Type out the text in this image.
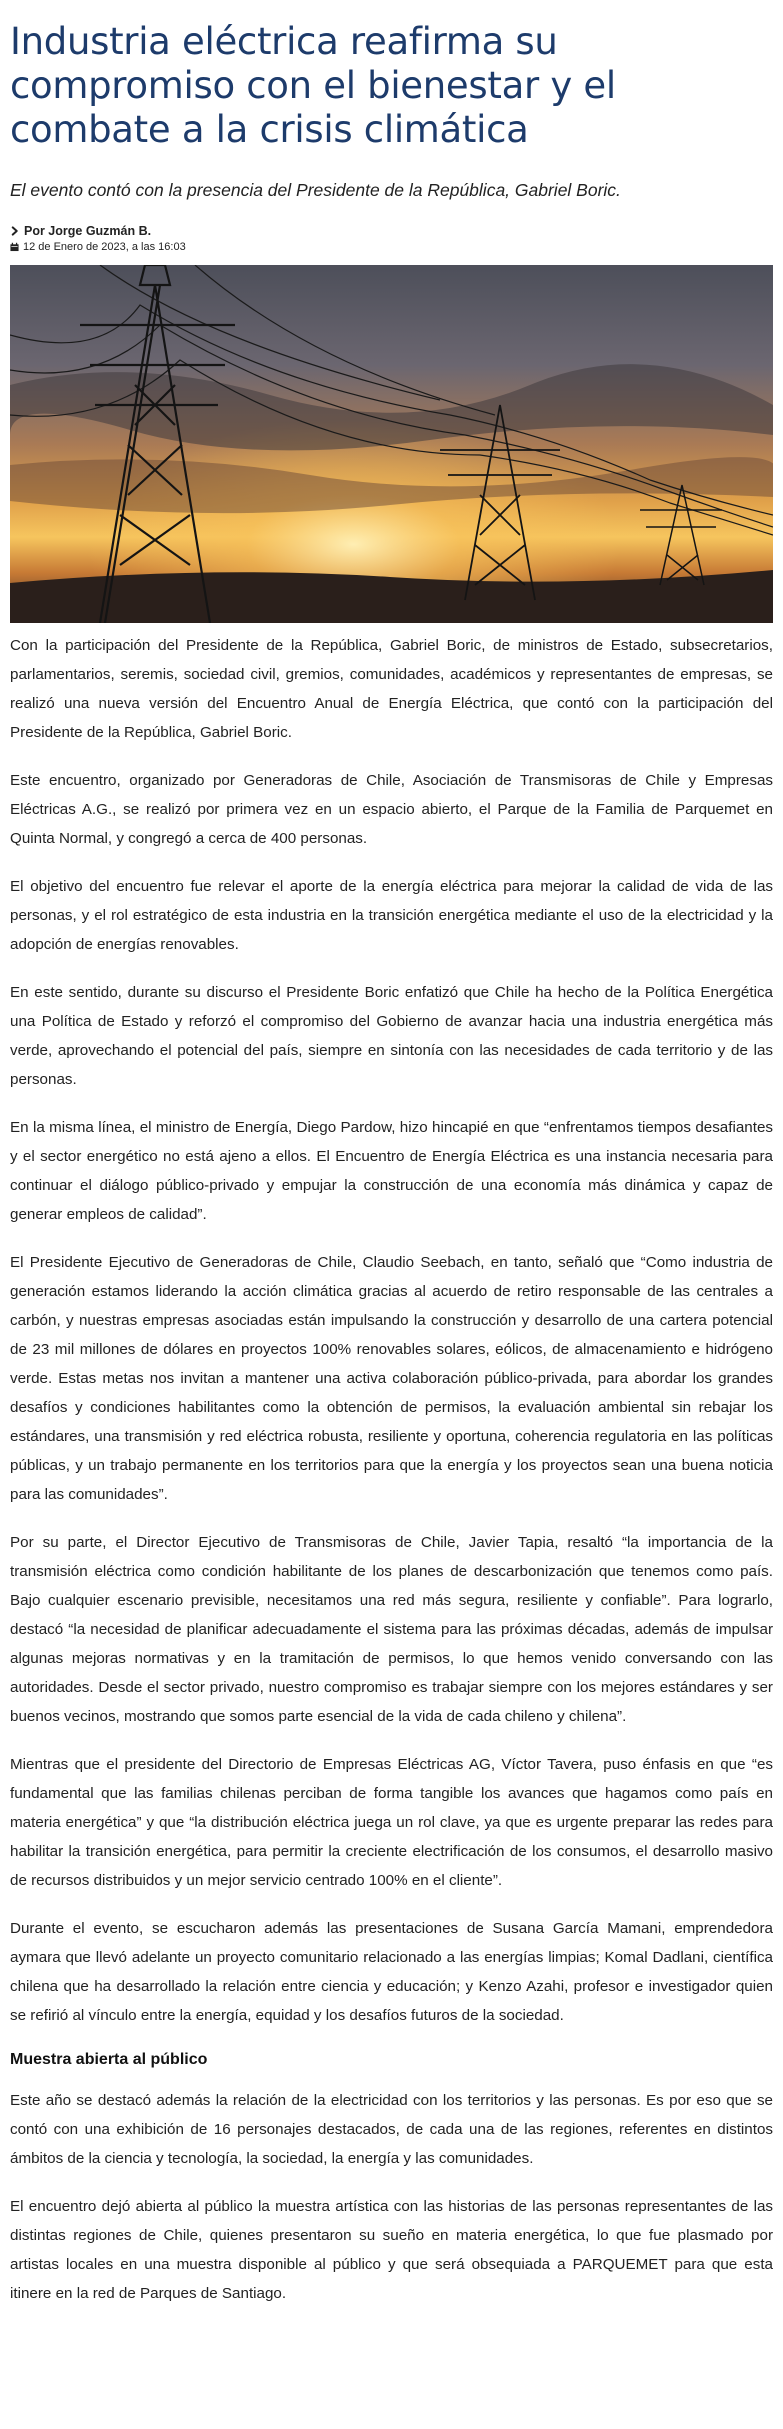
Industria eléctrica reafirma su compromiso con el bienestar y el combate a la crisis climática

El evento contó con la presencia del Presidente de la República, Gabriel Boric.

Por Jorge Guzmán B.
12 de Enero de 2023, a las 16:03

Con la participación del Presidente de la República, Gabriel Boric, de ministros de Estado, subsecretarios, parlamentarios, seremis, sociedad civil, gremios, comunidades, académicos y representantes de empresas, se realizó una nueva versión del Encuentro Anual de Energía Eléctrica, que contó con la participación del Presidente de la República, Gabriel Boric.

Este encuentro, organizado por Generadoras de Chile, Asociación de Transmisoras de Chile y Empresas Eléctricas A.G., se realizó por primera vez en un espacio abierto, el Parque de la Familia de Parquemet en Quinta Normal, y congregó a cerca de 400 personas.

El objetivo del encuentro fue relevar el aporte de la energía eléctrica para mejorar la calidad de vida de las personas, y el rol estratégico de esta industria en la transición energética mediante el uso de la electricidad y la adopción de energías renovables.

En este sentido, durante su discurso el Presidente Boric enfatizó que Chile ha hecho de la Política Energética una Política de Estado y reforzó el compromiso del Gobierno de avanzar hacia una industria energética más verde, aprovechando el potencial del país, siempre en sintonía con las necesidades de cada territorio y de las personas.

En la misma línea, el ministro de Energía, Diego Pardow, hizo hincapié en que “enfrentamos tiempos desafiantes y el sector energético no está ajeno a ellos. El Encuentro de Energía Eléctrica es una instancia necesaria para continuar el diálogo público-privado y empujar la construcción de una economía más dinámica y capaz de generar empleos de calidad”.

El Presidente Ejecutivo de Generadoras de Chile, Claudio Seebach, en tanto, señaló que “Como industria de generación estamos liderando la acción climática gracias al acuerdo de retiro responsable de las centrales a carbón, y nuestras empresas asociadas están impulsando la construcción y desarrollo de una cartera potencial de 23 mil millones de dólares en proyectos 100% renovables solares, eólicos, de almacenamiento e hidrógeno verde. Estas metas nos invitan a mantener una activa colaboración público-privada, para abordar los grandes desafíos y condiciones habilitantes como la obtención de permisos, la evaluación ambiental sin rebajar los estándares, una transmisión y red eléctrica robusta, resiliente y oportuna, coherencia regulatoria en las políticas públicas, y un trabajo permanente en los territorios para que la energía y los proyectos sean una buena noticia para las comunidades”.

Por su parte, el Director Ejecutivo de Transmisoras de Chile, Javier Tapia, resaltó “la importancia de la transmisión eléctrica como condición habilitante de los planes de descarbonización que tenemos como país. Bajo cualquier escenario previsible, necesitamos una red más segura, resiliente y confiable”. Para lograrlo, destacó “la necesidad de planificar adecuadamente el sistema para las próximas décadas, además de impulsar algunas mejoras normativas y en la tramitación de permisos, lo que hemos venido conversando con las autoridades. Desde el sector privado, nuestro compromiso es trabajar siempre con los mejores estándares y ser buenos vecinos, mostrando que somos parte esencial de la vida de cada chileno y chilena”.

Mientras que el presidente del Directorio de Empresas Eléctricas AG, Víctor Tavera, puso énfasis en que “es fundamental que las familias chilenas perciban de forma tangible los avances que hagamos como país en materia energética” y que “la distribución eléctrica juega un rol clave, ya que es urgente preparar las redes para habilitar la transición energética, para permitir la creciente electrificación de los consumos, el desarrollo masivo de recursos distribuidos y un mejor servicio centrado 100% en el cliente”.

Durante el evento, se escucharon además las presentaciones de Susana García Mamani, emprendedora aymara que llevó adelante un proyecto comunitario relacionado a las energías limpias; Komal Dadlani, científica chilena que ha desarrollado la relación entre ciencia y educación; y Kenzo Azahi, profesor e investigador quien se refirió al vínculo entre la energía, equidad y los desafíos futuros de la sociedad.

Muestra abierta al público

Este año se destacó además la relación de la electricidad con los territorios y las personas. Es por eso que se contó con una exhibición de 16 personajes destacados, de cada una de las regiones, referentes en distintos ámbitos de la ciencia y tecnología, la sociedad, la energía y las comunidades.

El encuentro dejó abierta al público la muestra artística con las historias de las personas representantes de las distintas regiones de Chile, quienes presentaron su sueño en materia energética, lo que fue plasmado por artistas locales en una muestra disponible al público y que será obsequiada a PARQUEMET para que esta itinere en la red de Parques de Santiago.
